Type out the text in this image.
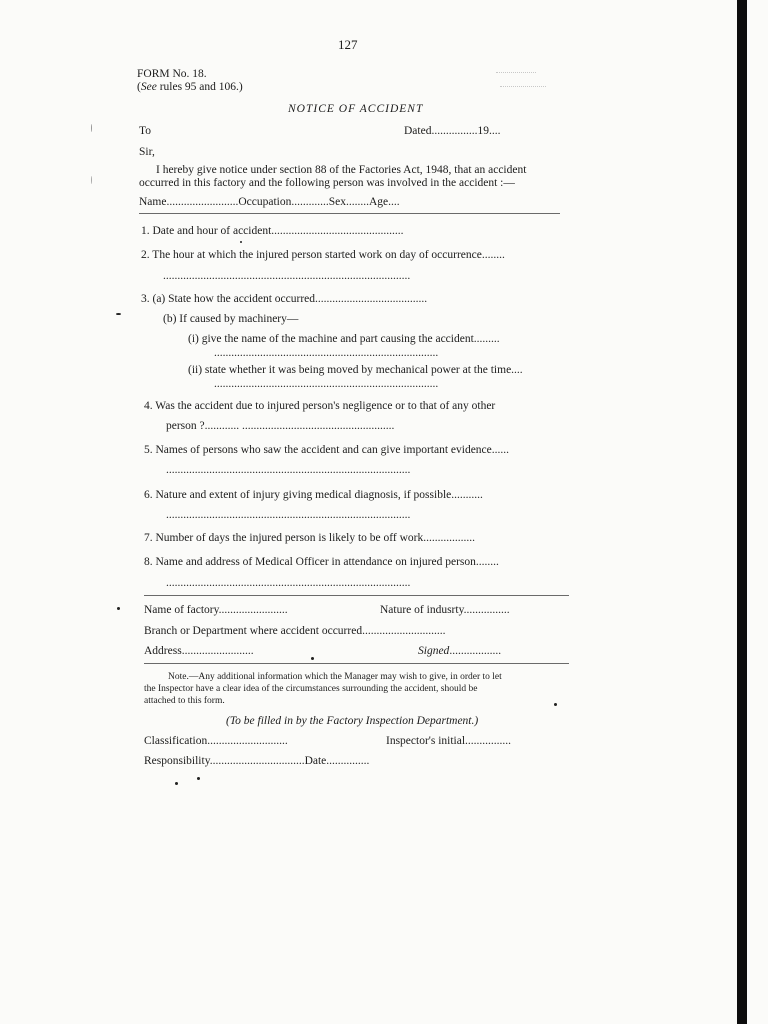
127
FORM No. 18.
(See rules 95 and 106.)
NOTICE OF ACCIDENT
To	Dated................19....
Sir,
I hereby give notice under section 88 of the Factories Act, 1948, that an accident
occurred in this factory and the following person was involved in the accident :—
Name.........................Occupation.............Sex........Age....
1. Date and hour of accident..............................................
2. The hour at which the injured person started work on day of occurrence........
......................................................................................
3. (a) State how the accident occurred.......................................
(b) If caused by machinery—
(i) give the name of the machine and part causing the accident.........
..............................................................................
(ii) state whether it was being moved by mechanical power at the time....
..............................................................................
4. Was the accident due to injured person's negligence or to that of any other
person ?............ .....................................................
5. Names of persons who saw the accident and can give important evidence......
.....................................................................................
6. Nature and extent of injury giving medical diagnosis, if possible...........
.....................................................................................
7. Number of days the injured person is likely to be off work..................
8. Name and address of Medical Officer in attendance on injured person........
.....................................................................................
Name of factory........................	Nature of indusrty................
Branch or Department where accident occurred.............................
Address.........................	Signed..................
Note.—Any additional information which the Manager may wish to give, in order to let
the Inspector have a clear idea of the circumstances surrounding the accident, should be
attached to this form.
(To be filled in by the Factory Inspection Department.)
Classification............................	Inspector's initial................
Responsibility.................................Date...............
